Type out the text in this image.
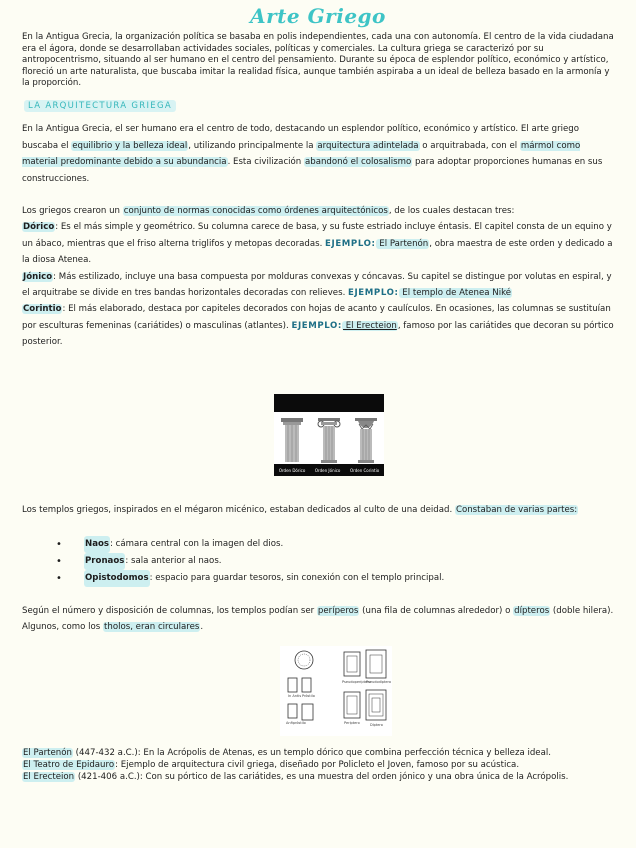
Arte Griego

En la Antigua Grecia, la organización política se basaba en polis independientes, cada una con autonomía. El centro de la vida ciudadana era el ágora, donde se desarrollaban actividades sociales, políticas y comerciales. La cultura griega se caracterizó por su antropocentrismo, situando al ser humano en el centro del pensamiento. Durante su época de esplendor político, económico y artístico, floreció un arte naturalista, que buscaba imitar la realidad física, aunque también aspiraba a un ideal de belleza basado en la armonía y la proporción.

LA ARQUITECTURA GRIEGA

En la Antigua Grecia, el ser humano era el centro de todo, destacando un esplendor político, económico y artístico. El arte griego buscaba el equilibrio y la belleza ideal, utilizando principalmente la arquitectura adintelada o arquitrabada, con el mármol como material predominante debido a su abundancia. Esta civilización abandonó el colosalismo para adoptar proporciones humanas en sus construcciones.

Los griegos crearon un conjunto de normas conocidas como órdenes arquitectónicos, de los cuales destacan tres:

Dórico: Es el más simple y geométrico. Su columna carece de basa, y su fuste estriado incluye éntasis. El capitel consta de un equino y un ábaco, mientras que el friso alterna triglifos y metopas decoradas. EJEMPLO: El Partenón, obra maestra de este orden y dedicado a la diosa Atenea.

Jónico: Más estilizado, incluye una basa compuesta por molduras convexas y cóncavas. Su capitel se distingue por volutas en espiral, y el arquitrabe se divide en tres bandas horizontales decoradas con relieves. EJEMPLO: El templo de Atenea Niké

Corintio: El más elaborado, destaca por capiteles decorados con hojas de acanto y caulículos. En ocasiones, las columnas se sustituían por esculturas femeninas (cariátides) o masculinas (atlantes). EJEMPLO: El Erecteion, famoso por las cariátides que decoran su pórtico posterior.

Orden Dórico Orden Jónico Orden Corintio

Los templos griegos, inspirados en el mégaron micénico, estaban dedicados al culto de una deidad. Constaban de varias partes:

•	Naos : cámara central con la imagen del dios.
•	Pronaos : sala anterior al naos.
•	Opistodomos : espacio para guardar tesoros, sin conexión con el templo principal.

Según el número y disposición de columnas, los templos podían ser períperos (una fila de columnas alrededor) o dípteros (doble hilera). Algunos, como los tholos, eran circulares.

In Antis Próstilo
Anfipróstilo
Pseudoperíptero
Períptero
Pseudodíptero
Díptero

El Partenón (447-432 a.C.): En la Acrópolis de Atenas, es un templo dórico que combina perfección técnica y belleza ideal.

El Teatro de Epidauro: Ejemplo de arquitectura civil griega, diseñado por Policleto el Joven, famoso por su acústica.

El Erecteion (421-406 a.C.): Con su pórtico de las cariátides, es una muestra del orden jónico y una obra única de la Acrópolis.
